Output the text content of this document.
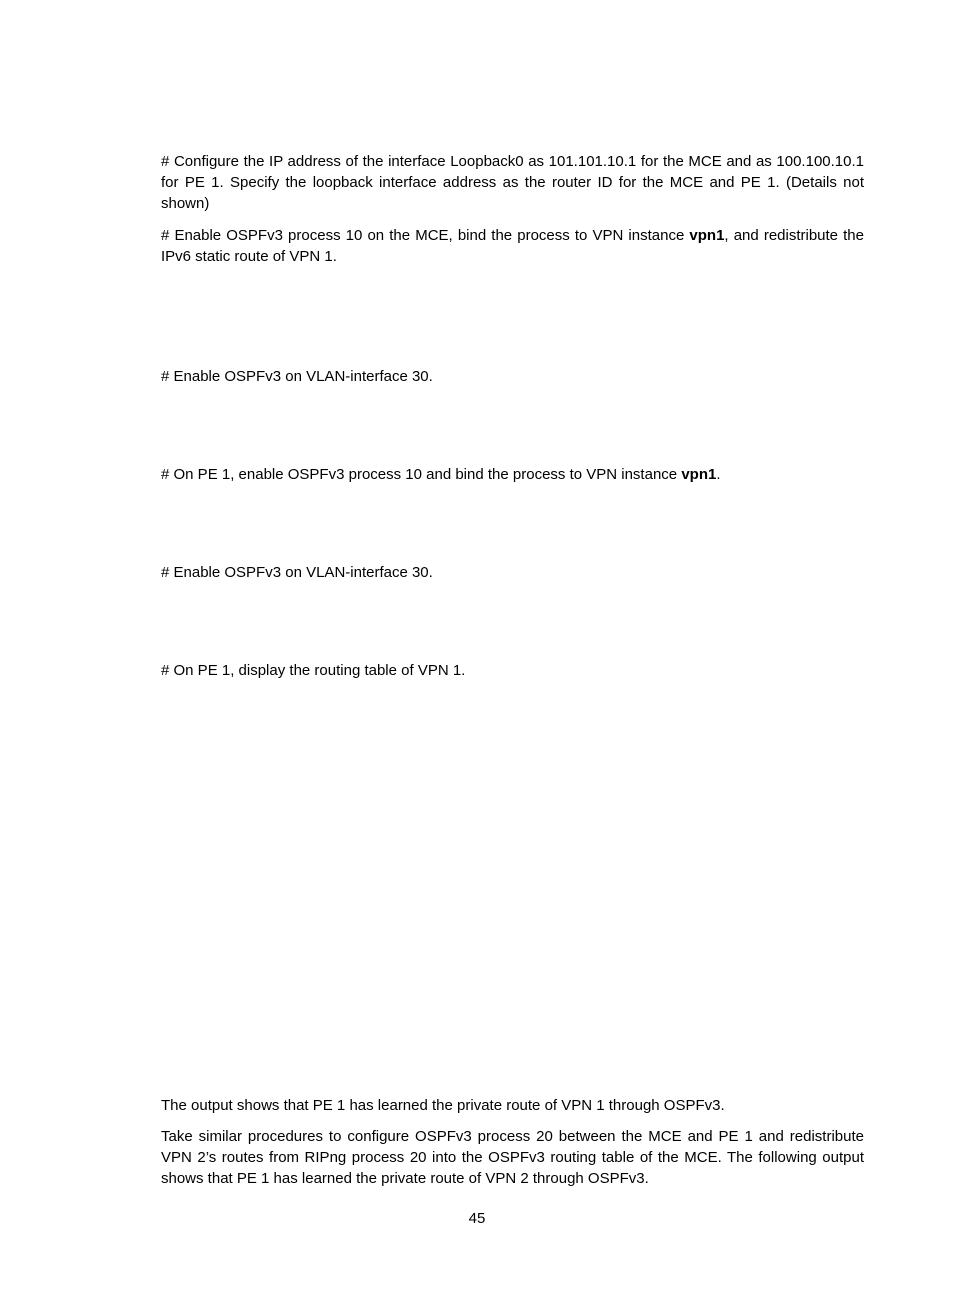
# Configure the IP address of the interface Loopback0 as 101.101.10.1 for the MCE and as 100.100.10.1 for PE 1. Specify the loopback interface address as the router ID for the MCE and PE 1. (Details not shown)

# Enable OSPFv3 process 10 on the MCE, bind the process to VPN instance vpn1, and redistribute the IPv6 static route of VPN 1.

# Enable OSPFv3 on VLAN-interface 30.

# On PE 1, enable OSPFv3 process 10 and bind the process to VPN instance vpn1.

# Enable OSPFv3 on VLAN-interface 30.

# On PE 1, display the routing table of VPN 1.

The output shows that PE 1 has learned the private route of VPN 1 through OSPFv3.

Take similar procedures to configure OSPFv3 process 20 between the MCE and PE 1 and redistribute VPN 2’s routes from RIPng process 20 into the OSPFv3 routing table of the MCE. The following output shows that PE 1 has learned the private route of VPN 2 through OSPFv3.

45
